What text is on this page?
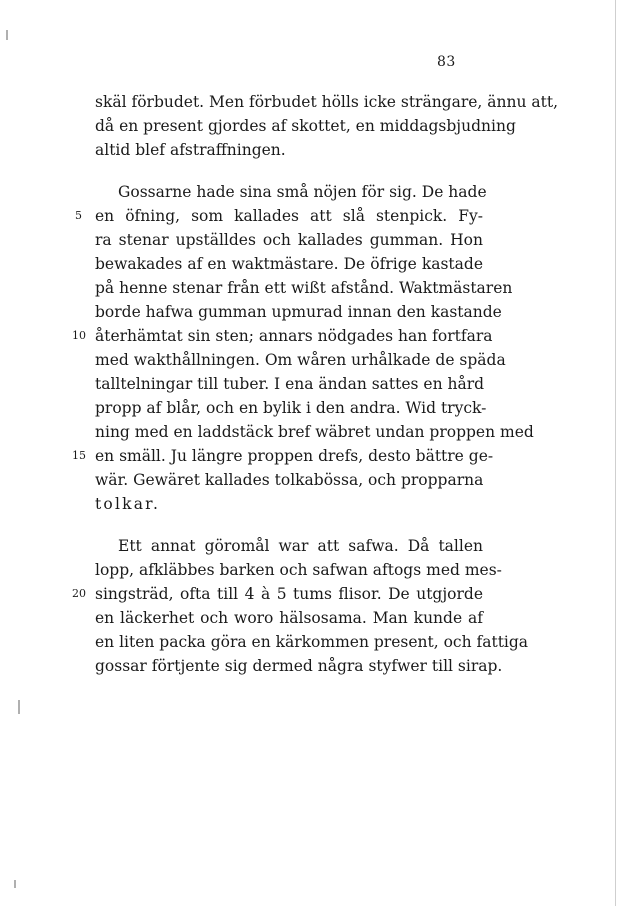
83
skäl förbudet. Men förbudet hölls icke strängare, ännu att,
då en present gjordes af skottet, en middagsbjudning
altid blef afstraffningen.
Gossarne hade sina små nöjen för sig. De hade
5 en öfning, som kallades att slå stenpick. Fy-
ra stenar upställdes och kallades gumman. Hon
bewakades af en waktmästare. De öfrige kastade
på henne stenar från ett wißt afstånd. Waktmästaren
borde hafwa gumman upmurad innan den kastande
10 återhämtat sin sten; annars nödgades han fortfara
med wakthållningen. Om wåren urhålkade de späda
talltelningar till tuber. I ena ändan sattes en hård
propp af blår, och en bylik i den andra. Wid tryck-
ning med en laddstäck bref wäbret undan proppen med
15 en smäll. Ju längre proppen drefs, desto bättre ge-
wär. Gewäret kallades tolkabössa, och propparna
tolkar.
Ett annat göromål war att safwa. Då tallen
lopp, afkläbbes barken och safwan aftogs med mes-
20 singsträd, ofta till 4 à 5 tums flisor. De utgjorde
en läckerhet och woro hälsosama. Man kunde af
en liten packa göra en kärkommen present, och fattiga
gossar förtjente sig dermed några styfwer till sirap.
